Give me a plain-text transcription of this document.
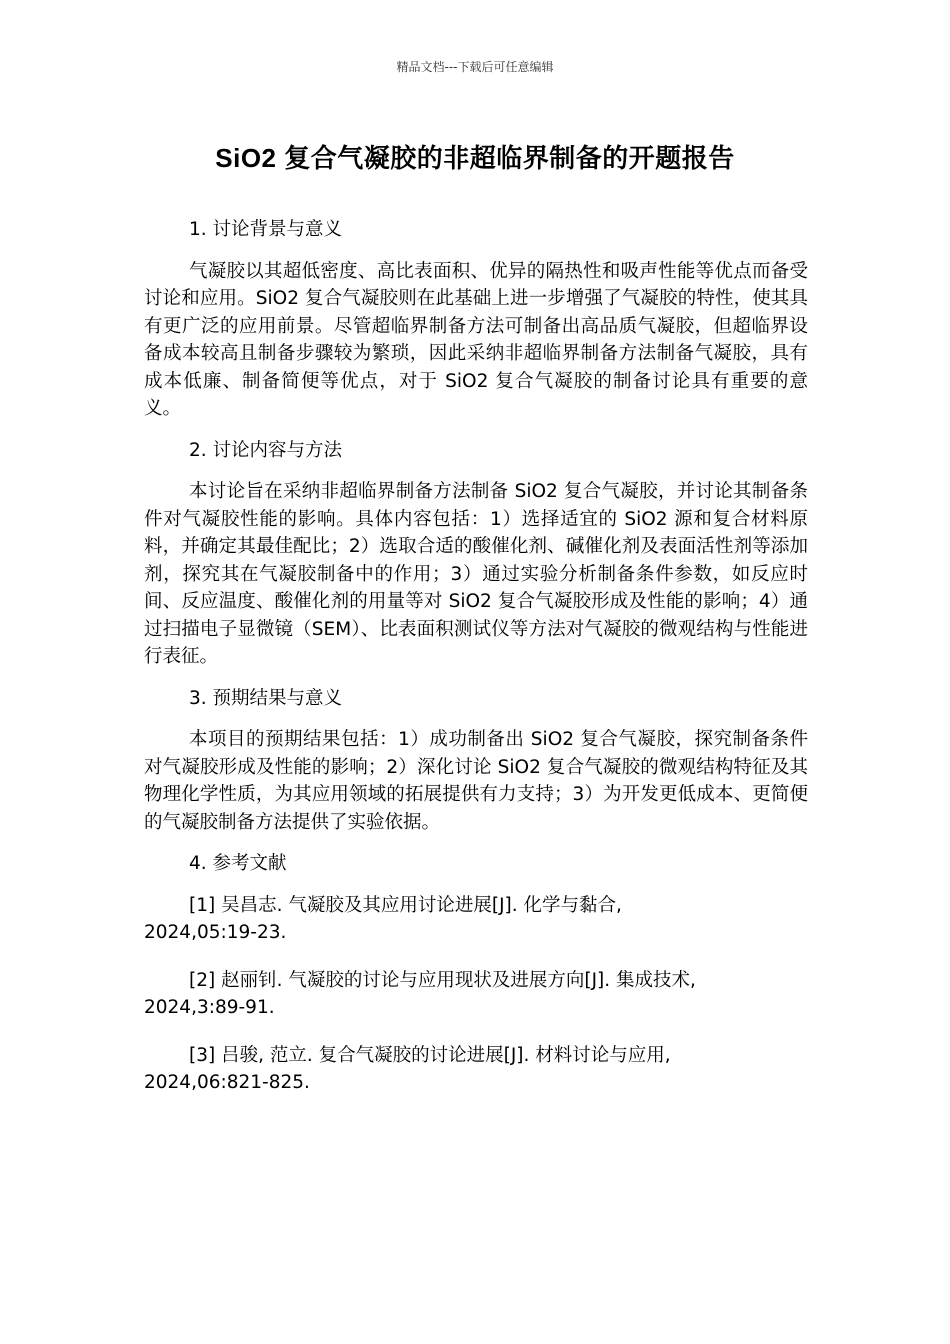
精品文档---下载后可任意编辑
SiO2 复合气凝胶的非超临界制备的开题报告
1. 讨论背景与意义
气凝胶以其超低密度、高比表面积、优异的隔热性和吸声性能等优点而备受讨论和应用。SiO2 复合气凝胶则在此基础上进一步增强了气凝胶的特性，使其具有更广泛的应用前景。尽管超临界制备方法可制备出高品质气凝胶，但超临界设备成本较高且制备步骤较为繁琐，因此采纳非超临界制备方法制备气凝胶，具有成本低廉、制备简便等优点，对于 SiO2 复合气凝胶的制备讨论具有重要的意义。
2. 讨论内容与方法
本讨论旨在采纳非超临界制备方法制备 SiO2 复合气凝胶，并讨论其制备条件对气凝胶性能的影响。具体内容包括：1）选择适宜的 SiO2 源和复合材料原料，并确定其最佳配比；2）选取合适的酸催化剂、碱催化剂及表面活性剂等添加剂，探究其在气凝胶制备中的作用；3）通过实验分析制备条件参数，如反应时间、反应温度、酸催化剂的用量等对 SiO2 复合气凝胶形成及性能的影响；4）通过扫描电子显微镜（SEM）、比表面积测试仪等方法对气凝胶的微观结构与性能进行表征。
3. 预期结果与意义
本项目的预期结果包括：1）成功制备出 SiO2 复合气凝胶，探究制备条件对气凝胶形成及性能的影响；2）深化讨论 SiO2 复合气凝胶的微观结构特征及其物理化学性质，为其应用领域的拓展提供有力支持；3）为开发更低成本、更简便的气凝胶制备方法提供了实验依据。
4. 参考文献
[1] 吴昌志. 气凝胶及其应用讨论进展[J]. 化学与黏合,
2024,05:19-23.
[2] 赵丽钊. 气凝胶的讨论与应用现状及进展方向[J]. 集成技术,
2024,3:89-91.
[3] 吕骏, 范立. 复合气凝胶的讨论进展[J]. 材料讨论与应用,
2024,06:821-825.
